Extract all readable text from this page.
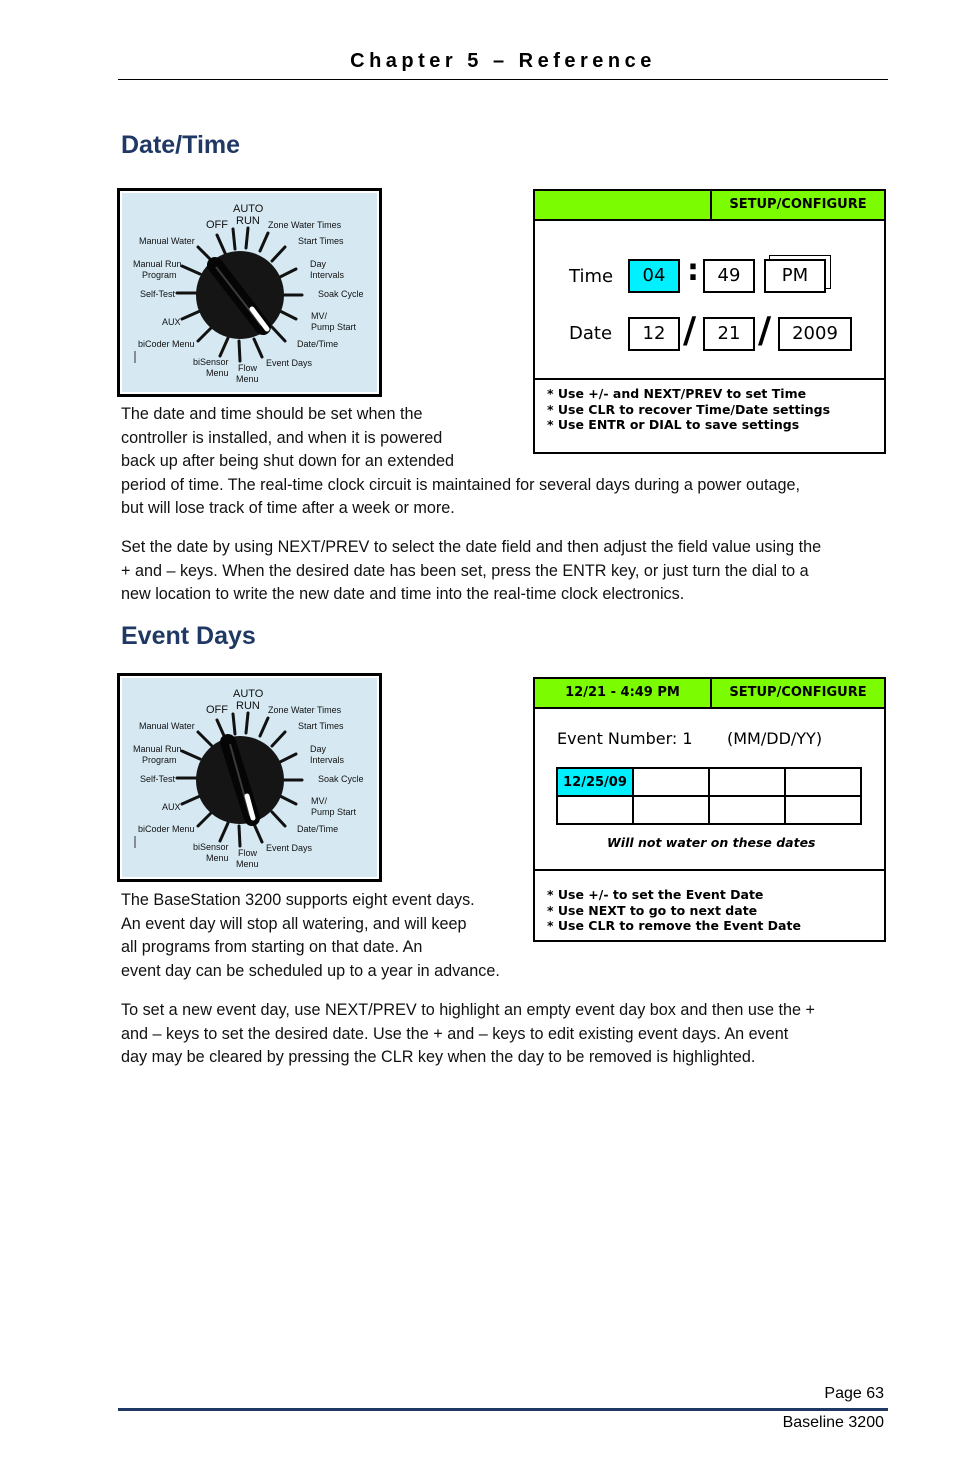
Chapter 5 – Reference
Date/Time
AUTO
RUN
OFF	Zone Water Times
Start Times
Day
Intervals
Soak Cycle
MV/
Pump Start
Date/Time
Event Days
Flow
Menu
biSensor
Menu
biCoder Menu
AUX
Self-Test
Manual Run
Program
Manual Water
SETUP/CONFIGURE
Time	04 :	49	PM
Date	12 /	21 /	2009
* Use +/- and NEXT/PREV to set Time
* Use CLR to recover Time/Date settings
* Use ENTR or DIAL to save settings

The date and time should be set when the
controller is installed, and when it is powered
back up after being shut down for an extended
period of time. The real-time clock circuit is maintained for several days during a power outage,
but will lose track of time after a week or more.

Set the date by using NEXT/PREV to select the date field and then adjust the field value using the
+ and – keys. When the desired date has been set, press the ENTR key, or just turn the dial to a
new location to write the new date and time into the real-time clock electronics.

Event Days
AUTO
RUN
OFF	Zone Water Times
Start Times
Day
Intervals
Soak Cycle
MV/
Pump Start
Date/Time
Event Days
Flow
Menu
biSensor
Menu
biCoder Menu
AUX
Self-Test
Manual Run
Program
Manual Water
12/21 - 4:49 PM	SETUP/CONFIGURE
Event Number: 1 (MM/DD/YY)
12/25/09			

Will not water on these dates
* Use +/- to set the Event Date
* Use NEXT to go to next date
* Use CLR to remove the Event Date

The BaseStation 3200 supports eight event days.
An event day will stop all watering, and will keep
all programs from starting on that date. An
event day can be scheduled up to a year in advance.

To set a new event day, use NEXT/PREV to highlight an empty event day box and then use the +
and – keys to set the desired date. Use the + and – keys to edit existing event days. An event
day may be cleared by pressing the CLR key when the day to be removed is highlighted.

Page 63
Baseline 3200
